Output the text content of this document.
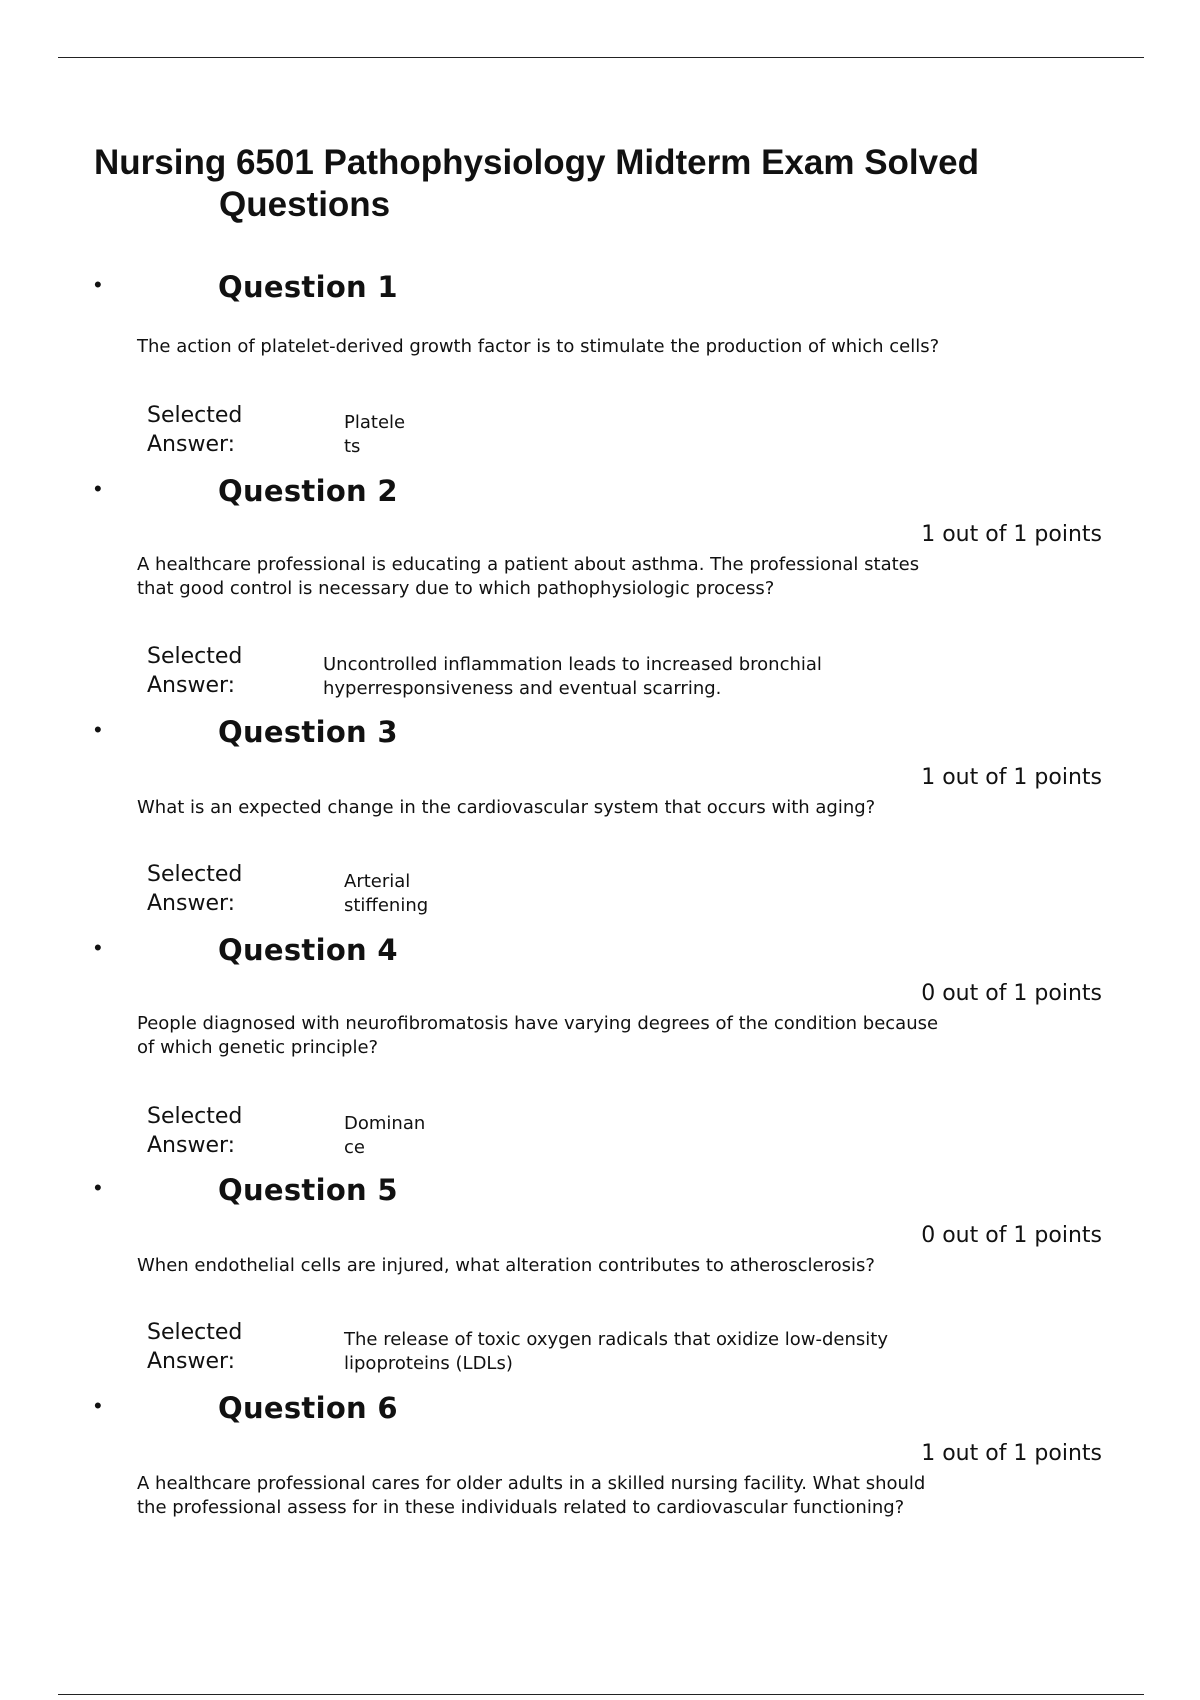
Nursing 6501 Pathophysiology Midterm Exam Solved
Questions
•	Question 1
The action of platelet-derived growth factor is to stimulate the production of which cells?
Selected
Answer:
Platele
ts
•	Question 2
1 out of 1 points
A healthcare professional is educating a patient about asthma. The professional states
that good control is necessary due to which pathophysiologic process?
Selected
Answer:
Uncontrolled inflammation leads to increased bronchial
hyperresponsiveness and eventual scarring.
•	Question 3
1 out of 1 points
What is an expected change in the cardiovascular system that occurs with aging?
Selected
Answer:
Arterial
stiffening
•	Question 4
0 out of 1 points
People diagnosed with neurofibromatosis have varying degrees of the condition because
of which genetic principle?
Selected
Answer:
Dominan
ce
•	Question 5
0 out of 1 points
When endothelial cells are injured, what alteration contributes to atherosclerosis?
Selected
Answer:
The release of toxic oxygen radicals that oxidize low-density
lipoproteins (LDLs)
•	Question 6
1 out of 1 points
A healthcare professional cares for older adults in a skilled nursing facility. What should
the professional assess for in these individuals related to cardiovascular functioning?
